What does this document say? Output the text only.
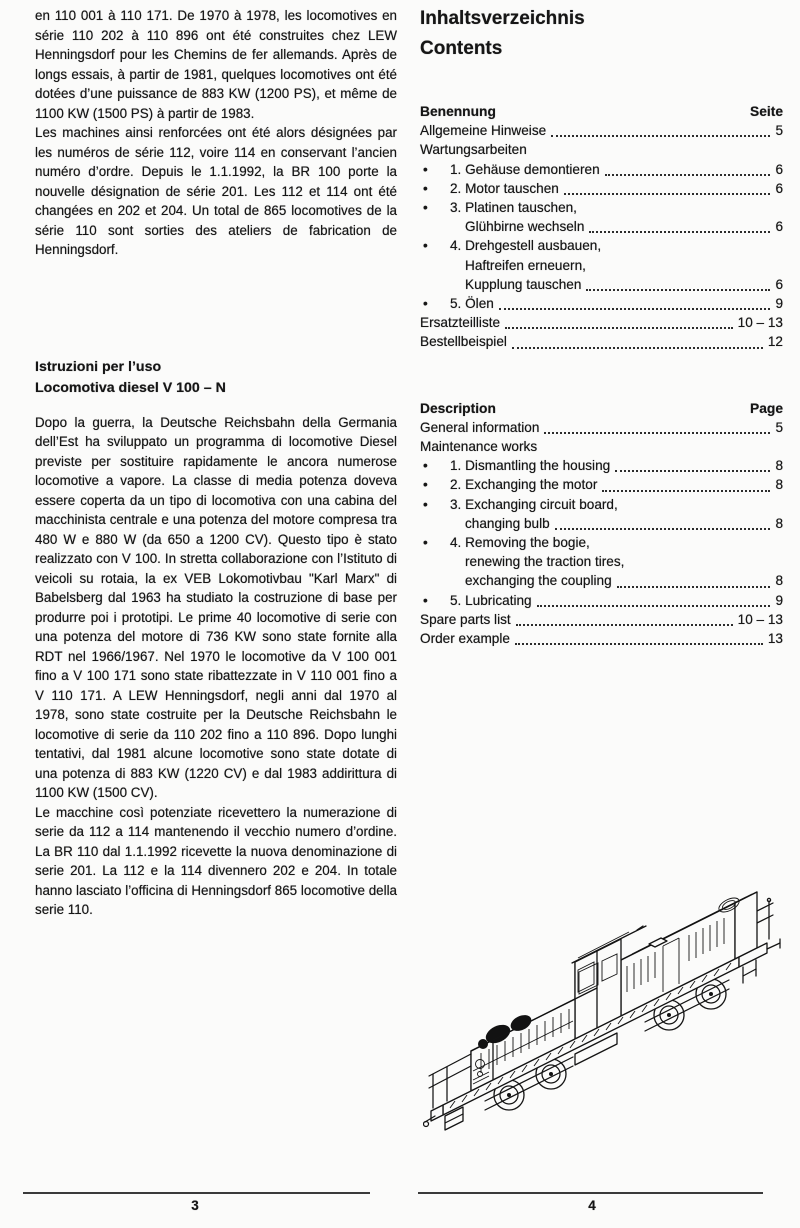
en 110 001 à 110 171. De 1970 à 1978, les locomotives en série 110 202 à 110 896 ont été construites chez LEW Henningsdorf pour les Chemins de fer allemands. Après de longs essais, à partir de 1981, quelques locomotives ont été dotées d’une puissance de 883 KW (1200 PS), et même de 1100 KW (1500 PS) à partir de 1983.

Les machines ainsi renforcées ont été alors désignées par les numéros de série 112, voire 114 en conservant l’ancien numéro d’ordre. Depuis le 1.1.1992, la BR 100 porte la nouvelle désignation de série 201. Les 112 et 114 ont été changées en 202 et 204. Un total de 865 locomotives de la série 110 sont sorties des ateliers de fabrication de Henningsdorf.

Istruzioni per l’uso
Locomotiva diesel V 100 – N

Dopo la guerra, la Deutsche Reichsbahn della Germania dell’Est ha sviluppato un programma di locomotive Diesel previste per sostituire rapidamente le ancora numerose locomotive a vapore. La classe di media potenza doveva essere coperta da un tipo di locomotiva con una cabina del macchinista centrale e una potenza del motore compresa tra 480 W e 880 W (da 650 a 1200 CV). Questo tipo è stato realizzato con V 100. In stretta collaborazione con l’Istituto di veicoli su rotaia, la ex VEB Lokomotivbau "Karl Marx" di Babelsberg dal 1963 ha studiato la costruzione di base per produrre poi i prototipi. Le prime 40 locomotive di serie con una potenza del motore di 736 KW sono state fornite alla RDT nel 1966/1967. Nel 1970 le locomotive da V 100 001 fino a V 100 171 sono state ribattezzate in V 110 001 fino a V 110 171. A LEW Henningsdorf, negli anni dal 1970 al 1978, sono state costruite per la Deutsche Reichsbahn le locomotive di serie da 110 202 fino a 110 896. Dopo lunghi tentativi, dal 1981 alcune locomotive sono state dotate di una potenza di 883 KW (1220 CV) e dal 1983 addirittura di 1100 KW (1500 CV).

Le macchine così potenziate ricevettero la numerazione di serie da 112 a 114 mantenendo il vecchio numero d’ordine. La BR 110 dal 1.1.1992 ricevette la nuova denominazione di serie 201. La 112 e la 114 divennero 202 e 204. In totale hanno lasciato l’officina di Henningsdorf 865 locomotive della serie 110.

Inhaltsverzeichnis
Contents
Benennung	Seite
Allgemeine Hinweise	5
Wartungsarbeiten
•	1. Gehäuse demontieren	6
•	2. Motor tauschen	6
•	3. Platinen tauschen,
Glühbirne wechseln	6
•	4. Drehgestell ausbauen,
Haftreifen erneuern,
Kupplung tauschen	6
•	5. Ölen	9
Ersatzteilliste	10 – 13
Bestellbeispiel	12
Description	Page
General information	5
Maintenance works
•	1. Dismantling the housing	8
•	2. Exchanging the motor	8
•	3. Exchanging circuit board,
changing bulb	8
•	4. Removing the bogie,
renewing the traction tires,
exchanging the coupling	8
•	5. Lubricating	9
Spare parts list	10 – 13
Order example	13
3	4
